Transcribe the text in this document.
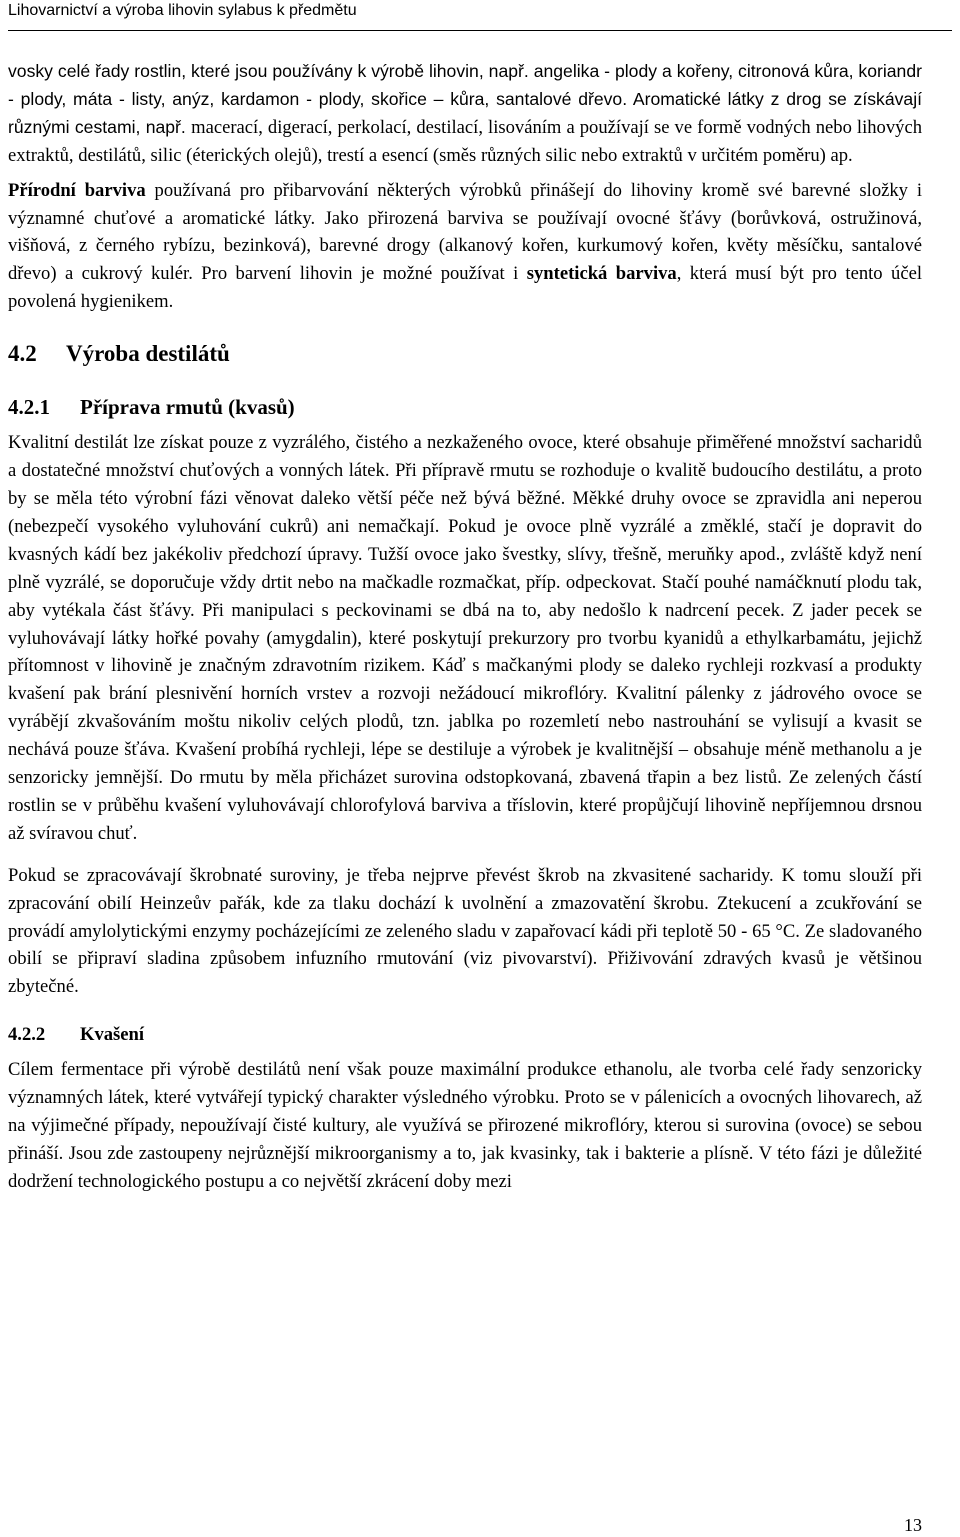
Lihovarnictví a výroba lihovin sylabus k předmětu

vosky celé řady rostlin, které jsou používány k výrobě lihovin, např. angelika - plody a kořeny, citronová kůra, koriandr - plody, máta - listy, anýz, kardamon - plody, skořice – kůra, santalové dřevo. Aromatické látky z drog se získávají různými cestami, např. macerací, digerací, perkolací, destilací, lisováním a používají se ve formě vodných nebo lihových extraktů, destilátů, silic (éterických olejů), trestí a esencí (směs různých silic nebo extraktů v určitém poměru) ap.

Přírodní barviva používaná pro přibarvování některých výrobků přinášejí do lihoviny kromě své barevné složky i významné chuťové a aromatické látky. Jako přirozená barviva se používají ovocné šťávy (borůvková, ostružinová, višňová, z černého rybízu, bezinková), barevné drogy (alkanový kořen, kurkumový kořen, květy měsíčku, santalové dřevo) a cukrový kulér. Pro barvení lihovin je možné používat i syntetická barviva, která musí být pro tento účel povolená hygienikem.

4.2 Výroba destilátů
4.2.1 Příprava rmutů (kvasů)

Kvalitní destilát lze získat pouze z vyzrálého, čistého a nezkaženého ovoce, které obsahuje přiměřené množství sacharidů a dostatečné množství chuťových a vonných látek. Při přípravě rmutu se rozhoduje o kvalitě budoucího destilátu, a proto by se měla této výrobní fázi věnovat daleko větší péče než bývá běžné. Měkké druhy ovoce se zpravidla ani neperou (nebezpečí vysokého vyluhování cukrů) ani nemačkají. Pokud je ovoce plně vyzrálé a změklé, stačí je dopravit do kvasných kádí bez jakékoliv předchozí úpravy. Tužší ovoce jako švestky, slívy, třešně, meruňky apod., zvláště když není plně vyzrálé, se doporučuje vždy drtit nebo na mačkadle rozmačkat, příp. odpeckovat. Stačí pouhé namáčknutí plodu tak, aby vytékala část šťávy. Při manipulaci s peckovinami se dbá na to, aby nedošlo k nadrcení pecek. Z jader pecek se vyluhovávají látky hořké povahy (amygdalin), které poskytují prekurzory pro tvorbu kyanidů a ethylkarbamátu, jejichž přítomnost v lihovině je značným zdravotním rizikem. Káď s mačkanými plody se daleko rychleji rozkvasí a produkty kvašení pak brání plesnivění horních vrstev a rozvoji nežádoucí mikroflóry. Kvalitní pálenky z jádrového ovoce se vyrábějí zkvašováním moštu nikoliv celých plodů, tzn. jablka po rozemletí nebo nastrouhání se vylisují a kvasit se nechává pouze šťáva. Kvašení probíhá rychleji, lépe se destiluje a výrobek je kvalitnější – obsahuje méně methanolu a je senzoricky jemnější. Do rmutu by měla přicházet surovina odstopkovaná, zbavená třapin a bez listů. Ze zelených částí rostlin se v průběhu kvašení vyluhovávají chlorofylová barviva a tříslovin, které propůjčují lihovině nepříjemnou drsnou až svíravou chuť.

Pokud se zpracovávají škrobnaté suroviny, je třeba nejprve převést škrob na zkvasitené sacharidy. K tomu slouží při zpracování obilí Heinzeův pařák, kde za tlaku dochází k uvolnění a zmazovatění škrobu. Ztekucení a zcukřování se provádí amylolytickými enzymy pocházejícími ze zeleného sladu v zapařovací kádi při teplotě 50 - 65 °C. Ze sladovaného obilí se připraví sladina způsobem infuzního rmutování (viz pivovarství). Přiživování zdravých kvasů je většinou zbytečné.

4.2.2 Kvašení

Cílem fermentace při výrobě destilátů není však pouze maximální produkce ethanolu, ale tvorba celé řady senzoricky významných látek, které vytvářejí typický charakter výsledného výrobku. Proto se v pálenicích a ovocných lihovarech, až na výjimečné případy, nepoužívají čisté kultury, ale využívá se přirozené mikroflóry, kterou si surovina (ovoce) se sebou přináší. Jsou zde zastoupeny nejrůznější mikroorganismy a to, jak kvasinky, tak i bakterie a plísně. V této fázi je důležité dodržení technologického postupu a co největší zkrácení doby mezi

13
